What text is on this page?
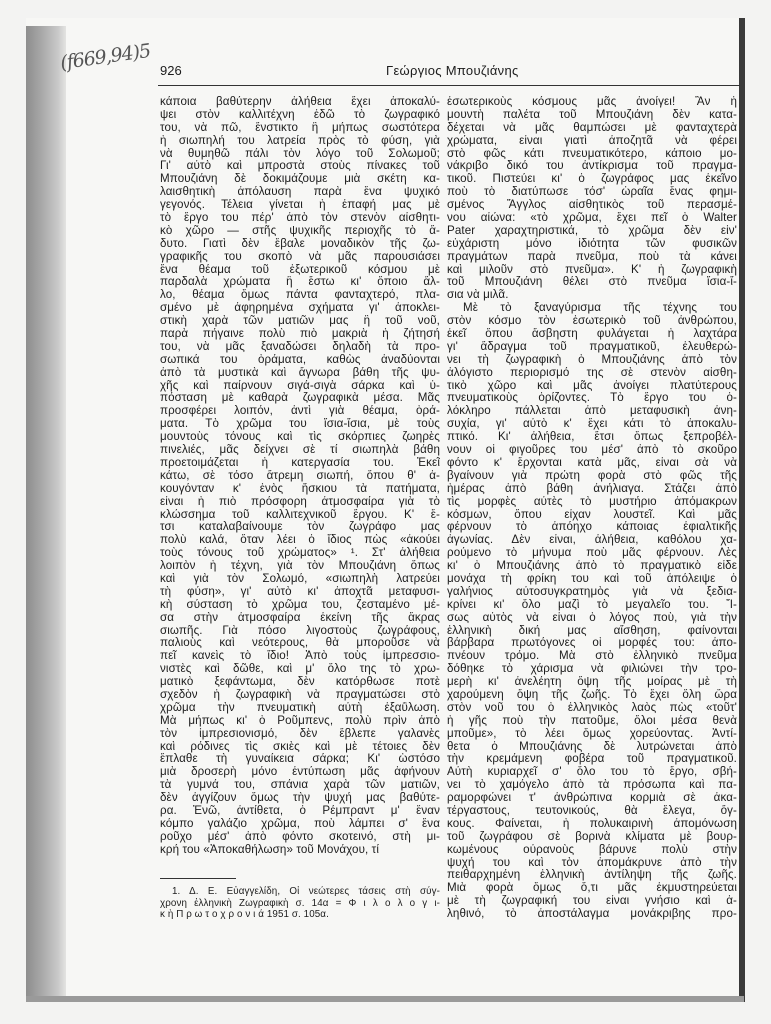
(f669,94)5 926	Γεώργιος Μπουζιάνης
κάποια βαθύτερην ἀλήθεια ἔχει ἀποκαλύ-
ψει στὸν καλλιτέχνη ἐδῶ τὸ ζωγραφικό
του, νὰ πῶ, ἔνστικτο ἢ μήπως σωστότερα
ἡ σιωπηλή του λατρεία πρὸς τὸ φύση, γιὰ
νὰ θυμηθῶ πάλι τὸν λόγο τοῦ Σολωμοῦ;
Γι' αὐτὸ καὶ μπροστὰ στοὺς πίνακες τοῦ
Μπουζιάνη δὲ δοκιμάζουμε μιὰ σκέτη κα-
λαισθητικὴ ἀπόλαυση παρὰ ἕνα ψυχικό
γεγονός. Τέλεια γίνεται ἡ ἐπαφή μας μὲ
τὸ ἔργο του πέρ' ἀπὸ τὸν στενὸν αἰσθητι-
κὸ χῶρο — στῆς ψυχικῆς περιοχῆς τὸ ἄ-
δυτο. Γιατὶ δὲν ἔβαλε μοναδικὸν τῆς ζω-
γραφικῆς του σκοπὸ νὰ μᾶς παρουσιάσει
ἕνα θέαμα τοῦ ἐξωτερικοῦ κόσμου μὲ
παρδαλὰ χρώματα ἢ ἔστω κι' ὅποιο ἄλ-
λο, θέαμα ὅμως πάντα φανταχτερό, πλα-
σμένο μὲ ἀφηρημένα σχήματα γι' ἀποκλει-
στικὴ χαρὰ τῶν ματιῶν μας ἢ τοῦ νοῦ,
παρὰ πήγαινε πολὺ πιὸ μακριὰ ἡ ζήτησή
του, νὰ μᾶς ξαναδώσει δηλαδὴ τὰ προ-
σωπικά του ὁράματα, καθὼς ἀναδύονται
ἀπὸ τὰ μυστικὰ καὶ ἄγνωρα βάθη τῆς ψυ-
χῆς καὶ παίρνουν σιγά-σιγὰ σάρκα καὶ ὑ-
πόσταση μὲ καθαρὰ ζωγραφικὰ μέσα. Μᾶς
προσφέρει λοιπόν, ἀντὶ γιὰ θέαμα, ὁρά-
ματα. Τὸ χρῶμα του ἴσια-ἴσια, μὲ τοὺς
μουντοὺς τόνους καὶ τὶς σκόρπιες ζωηρὲς
πινελιές, μᾶς δείχνει σὲ τί σιωπηλὰ βάθη
προετοιμάζεται ἡ κατεργασία του. Ἐκεῖ
κάτω, σὲ τόσο ἄτρεμη σιωπή, ὅπου θ' ἀ-
κουγόνταν κ' ἑνὸς ἥσκιου τὰ πατήματα,
εἶναι ἡ πιὸ πρόσφορη ἀτμοσφαίρα γιὰ τὸ
κλώσσημα τοῦ καλλιτεχνικοῦ ἔργου. Κ' ἔ-
τσι καταλαβαίνουμε τὸν ζωγράφο μας
πολὺ καλά, ὅταν λέει ὁ ἴδιος πὼς «ἀκούει
τοὺς τόνους τοῦ χρώματος» ¹. Στ' ἀλήθεια
λοιπὸν ἡ τέχνη, γιὰ τὸν Μπουζιάνη ὅπως
καὶ γιὰ τὸν Σολωμό, «σιωπηλὴ λατρεύει
τὴ φύση», γι' αὐτὸ κι' ἀποχτᾶ μεταφυσι-
κὴ σύσταση τὸ χρῶμα του, ζεσταμένο μέ-
σα στὴν ἀτμοσφαίρα ἐκείνη τῆς ἄκρας
σιωπῆς. Γιὰ πόσο λιγοστοὺς ζωγράφους,
παλιοὺς καὶ νεότερους, θὰ μποροῦσε νὰ
πεῖ κανεὶς τὸ ἴδιο! Ἀπὸ τοὺς ἰμπρεσσιο-
νιστὲς καὶ δῶθε, καὶ μ' ὅλο της τὸ χρω-
ματικὸ ξεφάντωμα, δὲν κατόρθωσε ποτὲ
σχεδὸν ἡ ζωγραφικὴ νὰ πραγματώσει στὸ
χρῶμα τὴν πνευματικὴ αὐτὴ ἐξαΰλωση.
Μὰ μήπως κι' ὁ Ροῦμπενς, πολὺ πρὶν ἀπὸ
τὸν ἰμπρεσιονισμό, δὲν ἔβλεπε γαλανὲς
καὶ ρόδινες τὶς σκιὲς καὶ μὲ τέτοιες δὲν
ἔπλαθε τὴ γυναίκεια σάρκα; Κι' ὡστόσο
μιὰ δροσερὴ μόνο ἐντύπωση μᾶς ἀφήνουν
τὰ γυμνά του, σπάνια χαρὰ τῶν ματιῶν,
δὲν ἀγγίζουν ὅμως τὴν ψυχή μας βαθύτε-
ρα. Ἐνῶ, ἀντίθετα, ὁ Ρέμπραντ μ' ἕναν
κόμπο γαλάζιο χρῶμα, ποὺ λάμπει σ' ἕνα
ροῦχο μέσ' ἀπὸ φόντο σκοτεινό, στὴ μι-
κρή του «Ἀποκαθήλωση» τοῦ Μονάχου, τί
ἐσωτερικοὺς κόσμους μᾶς ἀνοίγει! Ἂν ἡ
μουντὴ παλέτα τοῦ Μπουζιάνη δὲν κατα-
δέχεται νὰ μᾶς θαμπώσει μὲ φανταχτερὰ
χρώματα, εἶναι γιατὶ ἀποζητᾶ νὰ φέρει
στὸ φῶς κάτι πνευματικότερο, κάποιο μο-
νάκριβο δικό του ἀντίκρισμα τοῦ πραγμα-
τικοῦ. Πιστεύει κι' ὁ ζωγράφος μας ἐκεῖνο
ποὺ τὸ διατύπωσε τόσ' ὡραῖα ἕνας φημι-
σμένος Ἄγγλος αἰσθητικὸς τοῦ περασμέ-
νου αἰώνα: «τὸ χρῶμα, ἔχει πεῖ ὁ Walter
Pater χαραχτηριστικά, τὸ χρῶμα δὲν εἶν'
εὐχάριστη μόνο ἰδιότητα τῶν φυσικῶν
πραγμάτων παρὰ πνεῦμα, ποὺ τὰ κάνει
καὶ μιλοῦν στὸ πνεῦμα». Κ' ἡ ζωγραφικὴ
τοῦ Μπουζιάνη θέλει στὸ πνεῦμα ἴσια-ἴ-
σια νὰ μιλᾶ.
Μὲ τὸ ξαναγύρισμα τῆς τέχνης του
στὸν κόσμο τὸν ἐσωτερικὸ τοῦ ἀνθρώπου,
ἐκεῖ ὅπου ἄσβηστη φυλάγεται ἡ λαχτάρα
γι' ἄδραγμα τοῦ πραγματικοῦ, ἐλευθερώ-
νει τὴ ζωγραφικὴ ὁ Μπουζιάνης ἀπὸ τὸν
ἀλόγιστο περιορισμό της σὲ στενὸν αἰσθη-
τικὸ χῶρο καὶ μᾶς ἀνοίγει πλατύτερους
πνευματικοὺς ὁρίζοντες. Τὸ ἔργο του ὁ-
λόκληρο πάλλεται ἀπὸ μεταφυσικὴ ἀνη-
συχία, γι' αὐτὸ κ' ἔχει κάτι τὸ ἀποκαλυ-
πτικό. Κι' ἀλήθεια, ἔτσι ὅπως ξεπροβέλ-
νουν οἱ φιγοῦρες του μέσ' ἀπὸ τὸ σκοῦρο
φόντο κ' ἔρχονται κατὰ μᾶς, εἶναι σὰ νὰ
βγαίνουν γιὰ πρώτη φορὰ στὸ φῶς τῆς
ἡμέρας ἀπὸ βάθη ἀνήλιαγα. Στάζει ἀπὸ
τὶς μορφὲς αὐτὲς τὸ μυστήριο ἀπόμακρων
κόσμων, ὅπου εἶχαν λουστεῖ. Καὶ μᾶς
φέρνουν τὸ ἀπόηχο κάποιας ἐφιαλτικῆς
ἀγωνίας. Δὲν εἶναι, ἀλήθεια, καθόλου χα-
ρούμενο τὸ μήνυμα ποὺ μᾶς φέρνουν. Λὲς
κι' ὁ Μπουζιάνης ἀπὸ τὸ πραγματικὸ εἶδε
μονάχα τὴ φρίκη του καὶ τοῦ ἀπόλειψε ὁ
γαλήνιος αὐτοσυγκρατημὸς γιὰ νὰ ξεδια-
κρίνει κι' ὅλο μαζὶ τὸ μεγαλεῖο του. Ἴ-
σως αὐτὸς νὰ εἶναι ὁ λόγος ποὺ, γιὰ τὴν
ἑλληνικὴ δική μας αἴσθηση, φαίνονται
βάρβαρα πρωτόγονες οἱ μορφές του: ἀπο-
πνέουν τρόμο. Μὰ στὸ ἑλληνικὸ πνεῦμα
δόθηκε τὸ χάρισμα νὰ φιλιώνει τὴν τρο-
μερὴ κι' ἀνελέητη ὄψη τῆς μοίρας μὲ τὴ
χαρούμενη ὄψη τῆς ζωῆς. Τὸ ἔχει ὅλη ὥρα
στὸν νοῦ του ὁ ἑλληνικὸς λαὸς πὼς «τοῦτ'
ἡ γῆς ποὺ τὴν πατοῦμε, ὅλοι μέσα θενὰ
μποῦμε», τὸ λέει ὅμως χορεύοντας. Ἀντί-
θετα ὁ Μπουζιάνης δὲ λυτρώνεται ἀπὸ
τὴν κρεμάμενη φοβέρα τοῦ πραγματικοῦ.
Αὐτὴ κυριαρχεῖ σ' ὅλο του τὸ ἔργο, σβή-
νει τὸ χαμόγελο ἀπὸ τὰ πρόσωπα καὶ πα-
ραμορφώνει τ' ἀνθρώπινα κορμιὰ σὲ ἀκα-
τέργαστους, τευτονικούς, θὰ ἔλεγα, ὄγ-
κους. Φαίνεται, ἡ πολυκαιρινὴ ἀπομόνωση
τοῦ ζωγράφου σὲ βορινὰ κλίματα μὲ βουρ-
κωμένους οὐρανοὺς βάρυνε πολὺ στὴν
ψυχή του καὶ τὸν ἀπομάκρυνε ἀπὸ τὴν
πειθαρχημένη ἑλληνικὴ ἀντίληψη τῆς ζωῆς.
Μιὰ φορὰ ὅμως ὅ,τι μᾶς ἐκμυστηρεύεται
μὲ τὴ ζωγραφική του εἶναι γνήσιο καὶ ἀ-
ληθινό, τὸ ἀποστάλαγμα μονάκριβης προ-
1. Δ. Ε. Εὐαγγελίδη, Οἱ νεώτερες τάσεις στὴ σύγ-
χρονη ἑλληνικὴ Ζωγραφικὴ σ. 14α = Φ ι λ ο λ ο γ ι-
κ ὴ Π ρ ω τ ο χ ρ ο ν ι ά 1951 σ. 105α.
